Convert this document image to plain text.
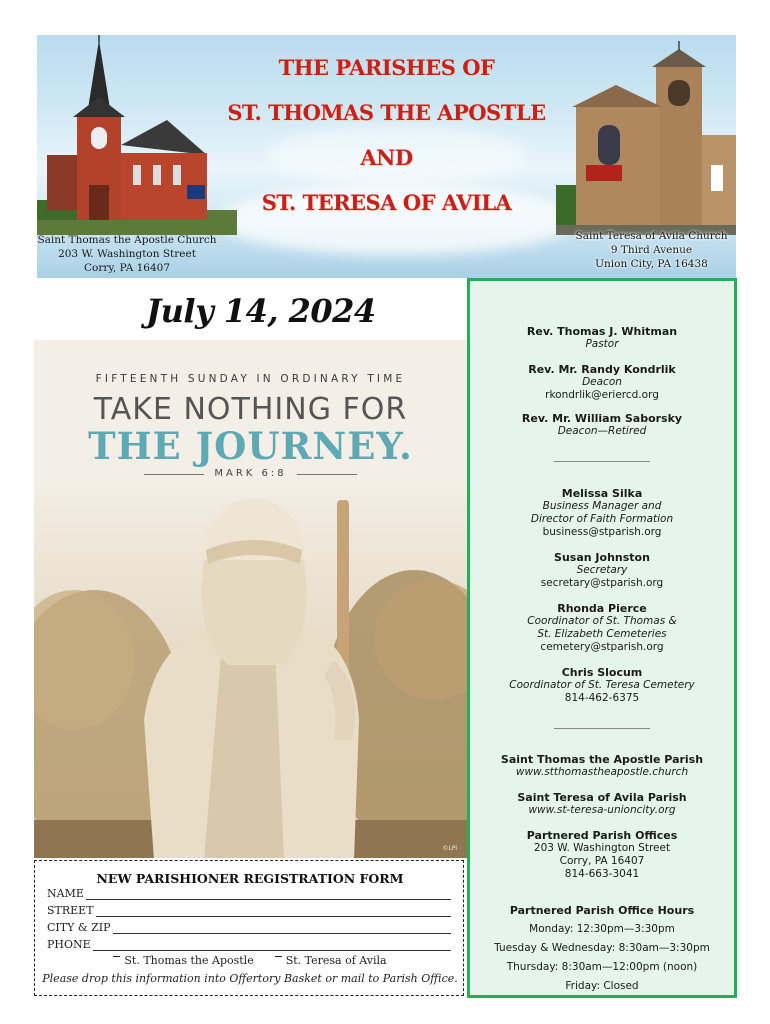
THE PARISHES OF
ST. THOMAS THE APOSTLE
AND
ST. TERESA OF AVILA
Saint Thomas the Apostle Church
203 W. Washington Street
Corry, PA 16407
Saint Teresa of Avila Church
9 Third Avenue
Union City, PA 16438
July 14, 2024
FIFTEENTH SUNDAY IN ORDINARY TIME
TAKE NOTHING FOR
THE JOURNEY.
MARK 6:8
©LPi
NEW PARISHIONER REGISTRATION FORM
NAME
STREET
CITY & ZIP
PHONE
St. Thomas the Apostle	St. Teresa of Avila
Please drop this information into Offertory Basket or mail to Parish Office.
Rev. Thomas J. Whitman
Pastor
Rev. Mr. Randy Kondrlik
Deacon
rkondrlik@eriercd.org
Rev. Mr. William Saborsky
Deacon—Retired
Melissa Silka
Business Manager and
Director of Faith Formation
business@stparish.org
Susan Johnston
Secretary
secretary@stparish.org
Rhonda Pierce
Coordinator of St. Thomas &
St. Elizabeth Cemeteries
cemetery@stparish.org
Chris Slocum
Coordinator of St. Teresa Cemetery
814-462-6375
Saint Thomas the Apostle Parish
www.stthomastheapostle.church
Saint Teresa of Avila Parish
www.st-teresa-unioncity.org
Partnered Parish Offices
203 W. Washington Street
Corry, PA 16407
814-663-3041
Partnered Parish Office Hours
Monday: 12:30pm—3:30pm
Tuesday & Wednesday: 8:30am—3:30pm
Thursday: 8:30am—12:00pm (noon)
Friday: Closed
